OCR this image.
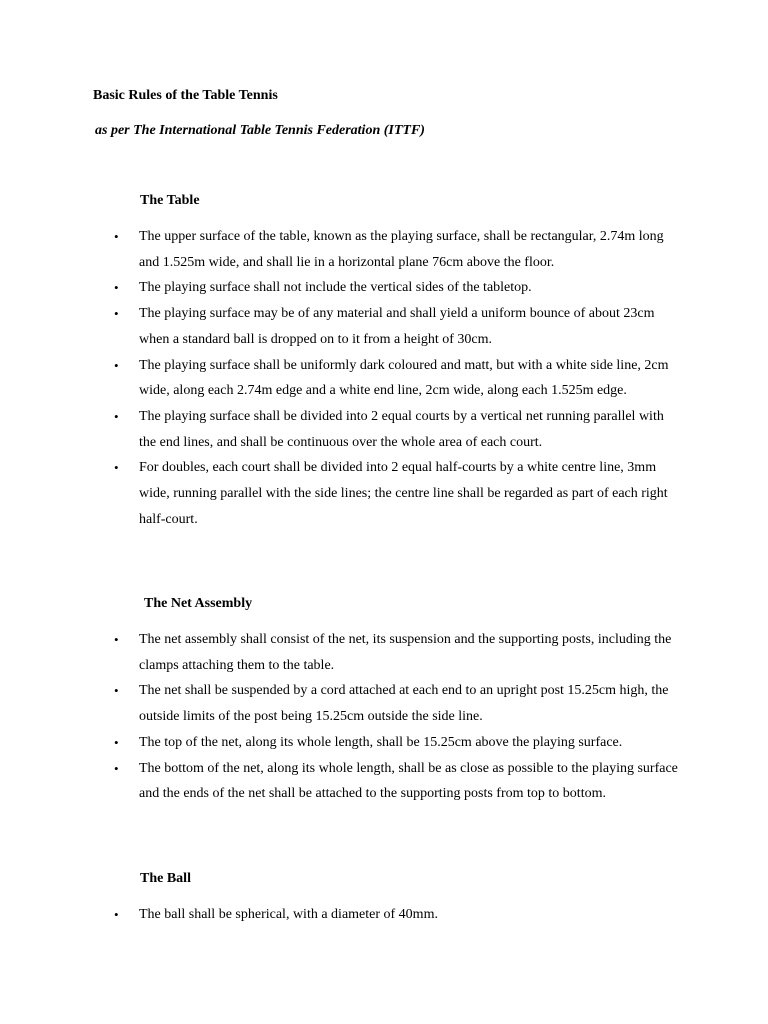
Basic Rules of the Table Tennis

as per The International Table Tennis Federation (ITTF)

The Table

• The upper surface of the table, known as the playing surface, shall be rectangular, 2.74m long and 1.525m wide, and shall lie in a horizontal plane 76cm above the floor.
• The playing surface shall not include the vertical sides of the tabletop.
• The playing surface may be of any material and shall yield a uniform bounce of about 23cm when a standard ball is dropped on to it from a height of 30cm.
• The playing surface shall be uniformly dark coloured and matt, but with a white side line, 2cm wide, along each 2.74m edge and a white end line, 2cm wide, along each 1.525m edge.
• The playing surface shall be divided into 2 equal courts by a vertical net running parallel with the end lines, and shall be continuous over the whole area of each court.
• For doubles, each court shall be divided into 2 equal half-courts by a white centre line, 3mm wide, running parallel with the side lines; the centre line shall be regarded as part of each right half-court.

The Net Assembly

• The net assembly shall consist of the net, its suspension and the supporting posts, including the clamps attaching them to the table.
• The net shall be suspended by a cord attached at each end to an upright post 15.25cm high, the outside limits of the post being 15.25cm outside the side line.
• The top of the net, along its whole length, shall be 15.25cm above the playing surface.
• The bottom of the net, along its whole length, shall be as close as possible to the playing surface and the ends of the net shall be attached to the supporting posts from top to bottom.

The Ball

• The ball shall be spherical, with a diameter of 40mm.
